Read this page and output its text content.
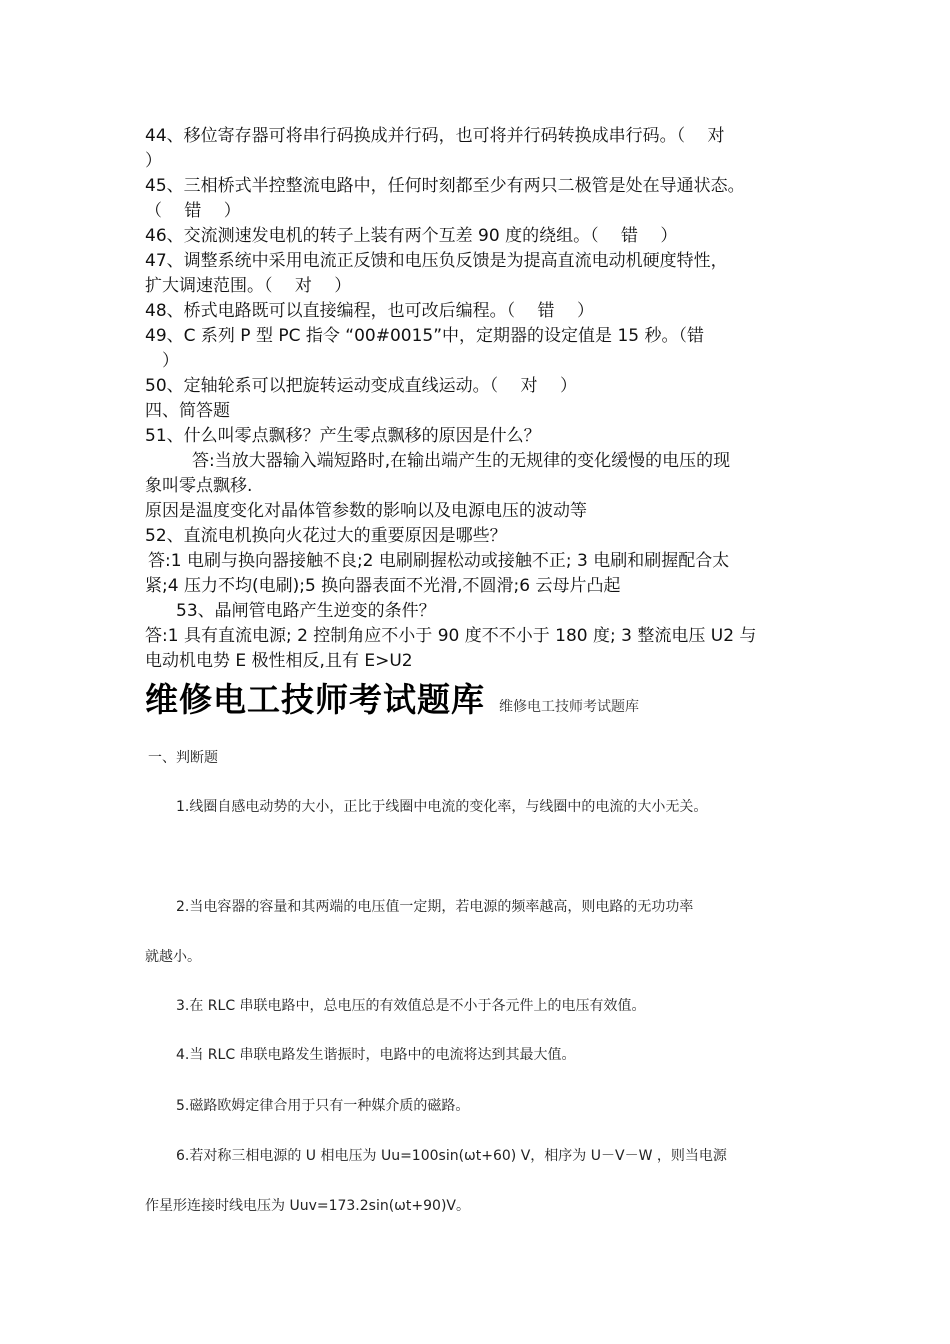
44、移位寄存器可将串行码换成并行码，也可将并行码转换成串行码。（　 对
）
45、三相桥式半控整流电路中，任何时刻都至少有两只二极管是处在导通状态。
（　 错　 ）
46、交流测速发电机的转子上装有两个互差 90 度的绕组。（　 错　 ）
47、调整系统中采用电流正反馈和电压负反馈是为提高直流电动机硬度特性，
扩大调速范围。（　 对　 ）
48、桥式电路既可以直接编程，也可改后编程。（　 错　 ）
49、C 系列 P 型 PC 指令 “00#0015”中，定期器的设定值是 15 秒。（错
）
50、定轴轮系可以把旋转运动变成直线运动。（　 对　 ）
四、简答题
51、什么叫零点飘移？产生零点飘移的原因是什么？
答:当放大器输入端短路时,在输出端产生的无规律的变化缓慢的电压的现
象叫零点飘移.
原因是温度变化对晶体管参数的影响以及电源电压的波动等
52、直流电机换向火花过大的重要原因是哪些？
答:1 电刷与换向器接触不良;2 电刷刷握松动或接触不正; 3 电刷和刷握配合太
紧;4 压力不均(电刷);5 换向器表面不光滑,不圆滑;6 云母片凸起
53、晶闸管电路产生逆变的条件？
答:1 具有直流电源; 2 控制角应不小于 90 度不不小于 180 度; 3 整流电压 U2 与
电动机电势 E 极性相反,且有 E>U2
维修电工技师考试题库 维修电工技师考试题库
一、判断题
1.线圈自感电动势的大小，正比于线圈中电流的变化率，与线圈中的电流的大小无关。
2.当电容器的容量和其两端的电压值一定期，若电源的频率越高，则电路的无功功率
就越小。
3.在 RLC 串联电路中，总电压的有效值总是不小于各元件上的电压有效值。
4.当 RLC 串联电路发生谐振时，电路中的电流将达到其最大值。
5.磁路欧姆定律合用于只有一种媒介质的磁路。
6.若对称三相电源的 U 相电压为 Uu=100sin(ωt+60) V，相序为 U－V－W ，则当电源
作星形连接时线电压为 Uuv=173.2sin(ωt+90)V。
